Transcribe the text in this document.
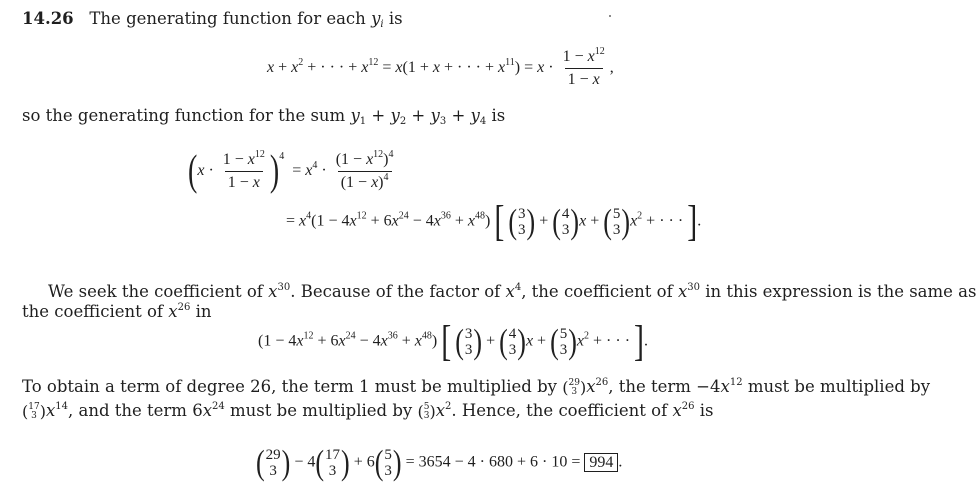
14.26 The generating function for each $y_i$ is
$x + x^2$ + · · · + $x^{12} = x(1 + x$ + · · · + $x^{11}) = x \cdot \frac{1 - x^{12}}{1 - x}$ ,
so the generating function for the sum $y_1 + y_2 + y_3 + y_4$ is
$(x \cdot \frac{1 - x^{12}}{1 - x} )^4 = x^4 \cdot \frac{(1 - x^{12})^4}{(1 - x)^4}$
= $x^4(1 - 4x^{12} + 6x^{24} - 4x^{36} + x^{48})$ [ ( 3
3 ) + ( 4
3 ) x + ( 5
3 ) $x^2$ + · · · ].
We seek the coefficient of $x^{30}$. Because of the factor of $x^4$, the coefficient of $x^{30}$ in this expression is the same as
the coefficient of $x^{26}$ in
$(1 - 4x^{12} + 6x^{24} - 4x^{36} + x^{48})$ [ ( 3
3 ) + ( 4
3 ) x + ( 5
3 ) $x^2$ + · · · ].
To obtain a term of degree 26, the term 1 must be multiplied by ( 29
3 ) $x^{26}$, the term $-4x^{12}$ must be multiplied by
( 17
3 ) $x^{14}$, and the term $6x^{24}$ must be multiplied by ( 5
3 ) $x^2$. Hence, the coefficient of $x^{26}$ is
( 29
3 ) − 4 ( 17
3 ) + 6 ( 5
3 ) = 3654 − 4 · 680 + 6 · 10 = 994 .
